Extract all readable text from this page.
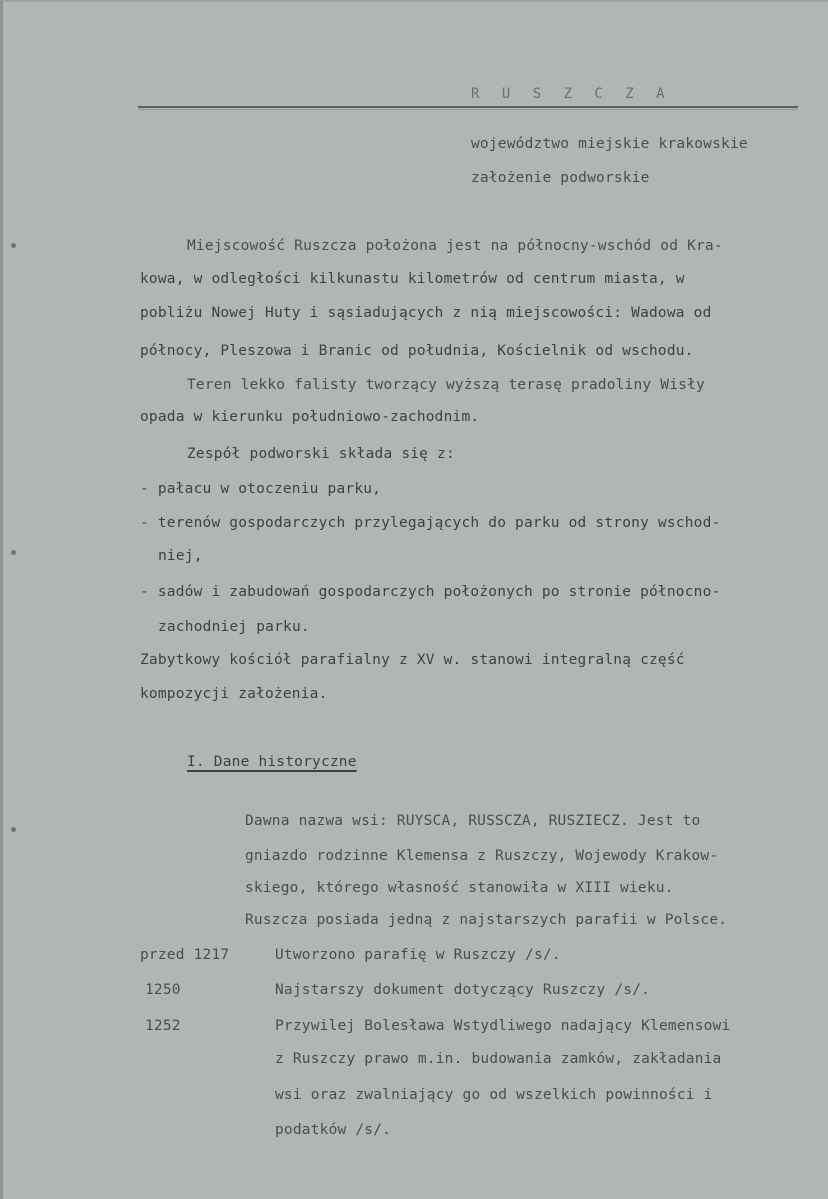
R U S Z C Z A
województwo miejskie krakowskie
założenie podworskie
Miejscowość Ruszcza położona jest na północny-wschód od Kra-
kowa, w odległości kilkunastu kilometrów od centrum miasta, w
pobliżu Nowej Huty i sąsiadujących z nią miejscowości: Wadowa od
północy, Pleszowa i Branic od południa, Kościelnik od wschodu.
Teren lekko falisty tworzący wyższą terasę pradoliny Wisły
opada w kierunku południowo-zachodnim.
Zespół podworski składa się z:
- pałacu w otoczeniu parku,
- terenów gospodarczych przylegających do parku od strony wschod-
niej,
- sadów i zabudowań gospodarczych położonych po stronie północno-
zachodniej parku.
Zabytkowy kościół parafialny z XV w. stanowi integralną część
kompozycji założenia.
I. Dane historyczne
Dawna nazwa wsi: RUYSCA, RUSSCZA, RUSZIECZ. Jest to
gniazdo rodzinne Klemensa z Ruszczy, Wojewody Krakow-
skiego, którego własność stanowiła w XIII wieku.
Ruszcza posiada jedną z najstarszych parafii w Polsce.
przed 1217	Utworzono parafię w Ruszczy /s/.
1250	Najstarszy dokument dotyczący Ruszczy /s/.
1252	Przywilej Bolesława Wstydliwego nadający Klemensowi
z Ruszczy prawo m.in. budowania zamków, zakładania
wsi oraz zwalniający go od wszelkich powinności i
podatków /s/.
